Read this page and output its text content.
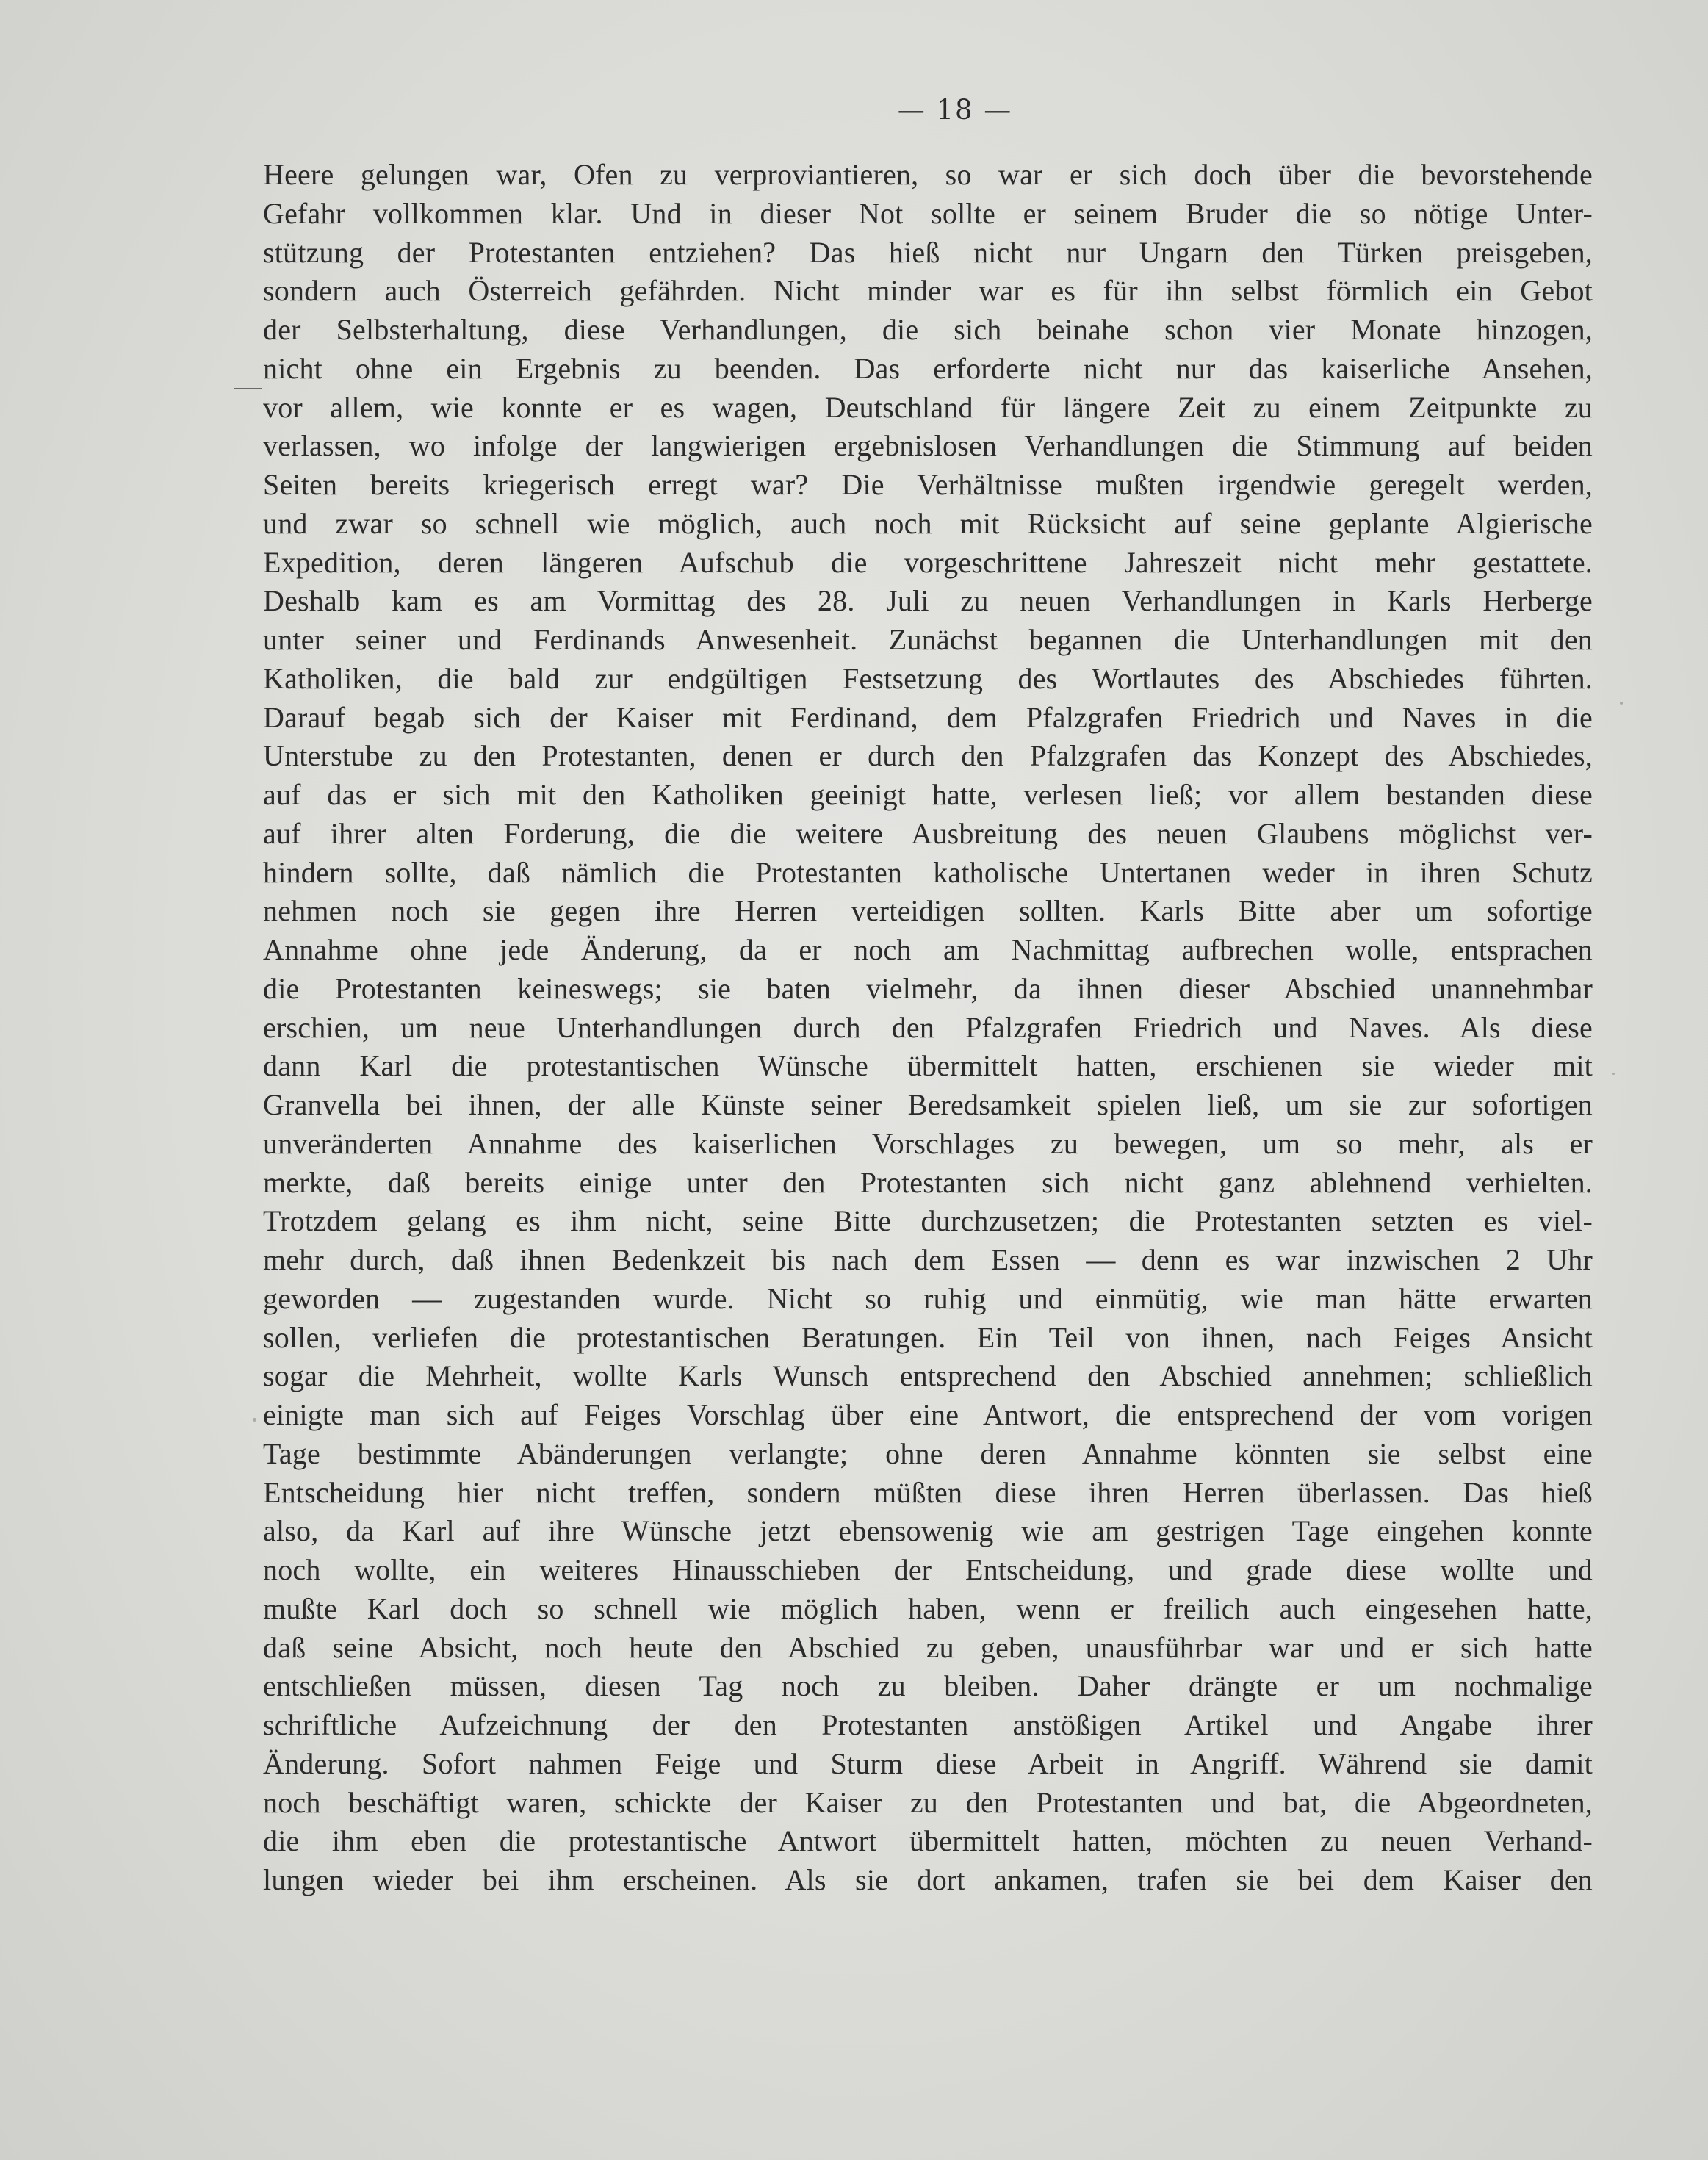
— 18 —
Heere gelungen war, Ofen zu verproviantieren, so war er sich doch über die bevorstehende
Gefahr vollkommen klar. Und in dieser Not sollte er seinem Bruder die so nötige Unter-
stützung der Protestanten entziehen? Das hieß nicht nur Ungarn den Türken preisgeben,
sondern auch Österreich gefährden. Nicht minder war es für ihn selbst förmlich ein Gebot
der Selbsterhaltung, diese Verhandlungen, die sich beinahe schon vier Monate hinzogen,
nicht ohne ein Ergebnis zu beenden. Das erforderte nicht nur das kaiserliche Ansehen,
vor allem, wie konnte er es wagen, Deutschland für längere Zeit zu einem Zeitpunkte zu
verlassen, wo infolge der langwierigen ergebnislosen Verhandlungen die Stimmung auf beiden
Seiten bereits kriegerisch erregt war? Die Verhältnisse mußten irgendwie geregelt werden,
und zwar so schnell wie möglich, auch noch mit Rücksicht auf seine geplante Algierische
Expedition, deren längeren Aufschub die vorgeschrittene Jahreszeit nicht mehr gestattete.
Deshalb kam es am Vormittag des 28. Juli zu neuen Verhandlungen in Karls Herberge
unter seiner und Ferdinands Anwesenheit. Zunächst begannen die Unterhandlungen mit den
Katholiken, die bald zur endgültigen Festsetzung des Wortlautes des Abschiedes führten.
Darauf begab sich der Kaiser mit Ferdinand, dem Pfalzgrafen Friedrich und Naves in die
Unterstube zu den Protestanten, denen er durch den Pfalzgrafen das Konzept des Abschiedes,
auf das er sich mit den Katholiken geeinigt hatte, verlesen ließ; vor allem bestanden diese
auf ihrer alten Forderung, die die weitere Ausbreitung des neuen Glaubens möglichst ver-
hindern sollte, daß nämlich die Protestanten katholische Untertanen weder in ihren Schutz
nehmen noch sie gegen ihre Herren verteidigen sollten. Karls Bitte aber um sofortige
Annahme ohne jede Änderung, da er noch am Nachmittag aufbrechen wolle, entsprachen
die Protestanten keineswegs; sie baten vielmehr, da ihnen dieser Abschied unannehmbar
erschien, um neue Unterhandlungen durch den Pfalzgrafen Friedrich und Naves. Als diese
dann Karl die protestantischen Wünsche übermittelt hatten, erschienen sie wieder mit
Granvella bei ihnen, der alle Künste seiner Beredsamkeit spielen ließ, um sie zur sofortigen
unveränderten Annahme des kaiserlichen Vorschlages zu bewegen, um so mehr, als er
merkte, daß bereits einige unter den Protestanten sich nicht ganz ablehnend verhielten.
Trotzdem gelang es ihm nicht, seine Bitte durchzusetzen; die Protestanten setzten es viel-
mehr durch, daß ihnen Bedenkzeit bis nach dem Essen — denn es war inzwischen 2 Uhr
geworden — zugestanden wurde. Nicht so ruhig und einmütig, wie man hätte erwarten
sollen, verliefen die protestantischen Beratungen. Ein Teil von ihnen, nach Feiges Ansicht
sogar die Mehrheit, wollte Karls Wunsch entsprechend den Abschied annehmen; schließlich
einigte man sich auf Feiges Vorschlag über eine Antwort, die entsprechend der vom vorigen
Tage bestimmte Abänderungen verlangte; ohne deren Annahme könnten sie selbst eine
Entscheidung hier nicht treffen, sondern müßten diese ihren Herren überlassen. Das hieß
also, da Karl auf ihre Wünsche jetzt ebensowenig wie am gestrigen Tage eingehen konnte
noch wollte, ein weiteres Hinausschieben der Entscheidung, und grade diese wollte und
mußte Karl doch so schnell wie möglich haben, wenn er freilich auch eingesehen hatte,
daß seine Absicht, noch heute den Abschied zu geben, unausführbar war und er sich hatte
entschließen müssen, diesen Tag noch zu bleiben. Daher drängte er um nochmalige
schriftliche Aufzeichnung der den Protestanten anstößigen Artikel und Angabe ihrer
Änderung. Sofort nahmen Feige und Sturm diese Arbeit in Angriff. Während sie damit
noch beschäftigt waren, schickte der Kaiser zu den Protestanten und bat, die Abgeordneten,
die ihm eben die protestantische Antwort übermittelt hatten, möchten zu neuen Verhand-
lungen wieder bei ihm erscheinen. Als sie dort ankamen, trafen sie bei dem Kaiser den
